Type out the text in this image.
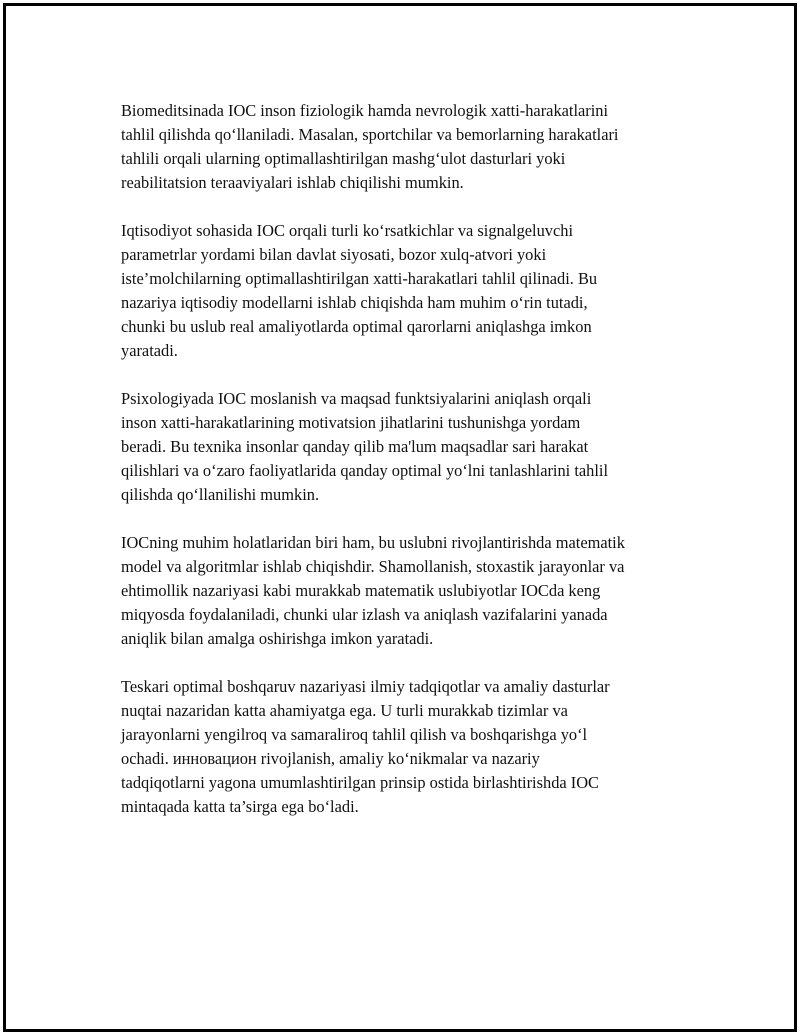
Biomeditsinada IOC inson fiziologik hamda nevrologik xatti-harakatlarini
tahlil qilishda qo‘llaniladi. Masalan, sportchilar va bemorlarning harakatlari
tahlili orqali ularning optimallashtirilgan mashg‘ulot dasturlari yoki
reabilitatsion teraaviyalari ishlab chiqilishi mumkin.

Iqtisodiyot sohasida IOC orqali turli ko‘rsatkichlar va signalgeluvchi
parametrlar yordami bilan davlat siyosati, bozor xulq-atvori yoki
iste’molchilarning optimallashtirilgan xatti-harakatlari tahlil qilinadi. Bu
nazariya iqtisodiy modellarni ishlab chiqishda ham muhim o‘rin tutadi,
chunki bu uslub real amaliyotlarda optimal qarorlarni aniqlashga imkon
yaratadi.

Psixologiyada IOC moslanish va maqsad funktsiyalarini aniqlash orqali
inson xatti-harakatlarining motivatsion jihatlarini tushunishga yordam
beradi. Bu texnika insonlar qanday qilib ma'lum maqsadlar sari harakat
qilishlari va o‘zaro faoliyatlarida qanday optimal yo‘lni tanlashlarini tahlil
qilishda qo‘llanilishi mumkin.

IOCning muhim holatlaridan biri ham, bu uslubni rivojlantirishda matematik
model va algoritmlar ishlab chiqishdir. Shamollanish, stoxastik jarayonlar va
ehtimollik nazariyasi kabi murakkab matematik uslubiyotlar IOCda keng
miqyosda foydalaniladi, chunki ular izlash va aniqlash vazifalarini yanada
aniqlik bilan amalga oshirishga imkon yaratadi.

Teskari optimal boshqaruv nazariyasi ilmiy tadqiqotlar va amaliy dasturlar
nuqtai nazaridan katta ahamiyatga ega. U turli murakkab tizimlar va
jarayonlarni yengilroq va samaraliroq tahlil qilish va boshqarishga yo‘l
ochadi. инновацион rivojlanish, amaliy ko‘nikmalar va nazariy
tadqiqotlarni yagona umumlashtirilgan prinsip ostida birlashtirishda IOC
mintaqada katta ta’sirga ega bo‘ladi.
